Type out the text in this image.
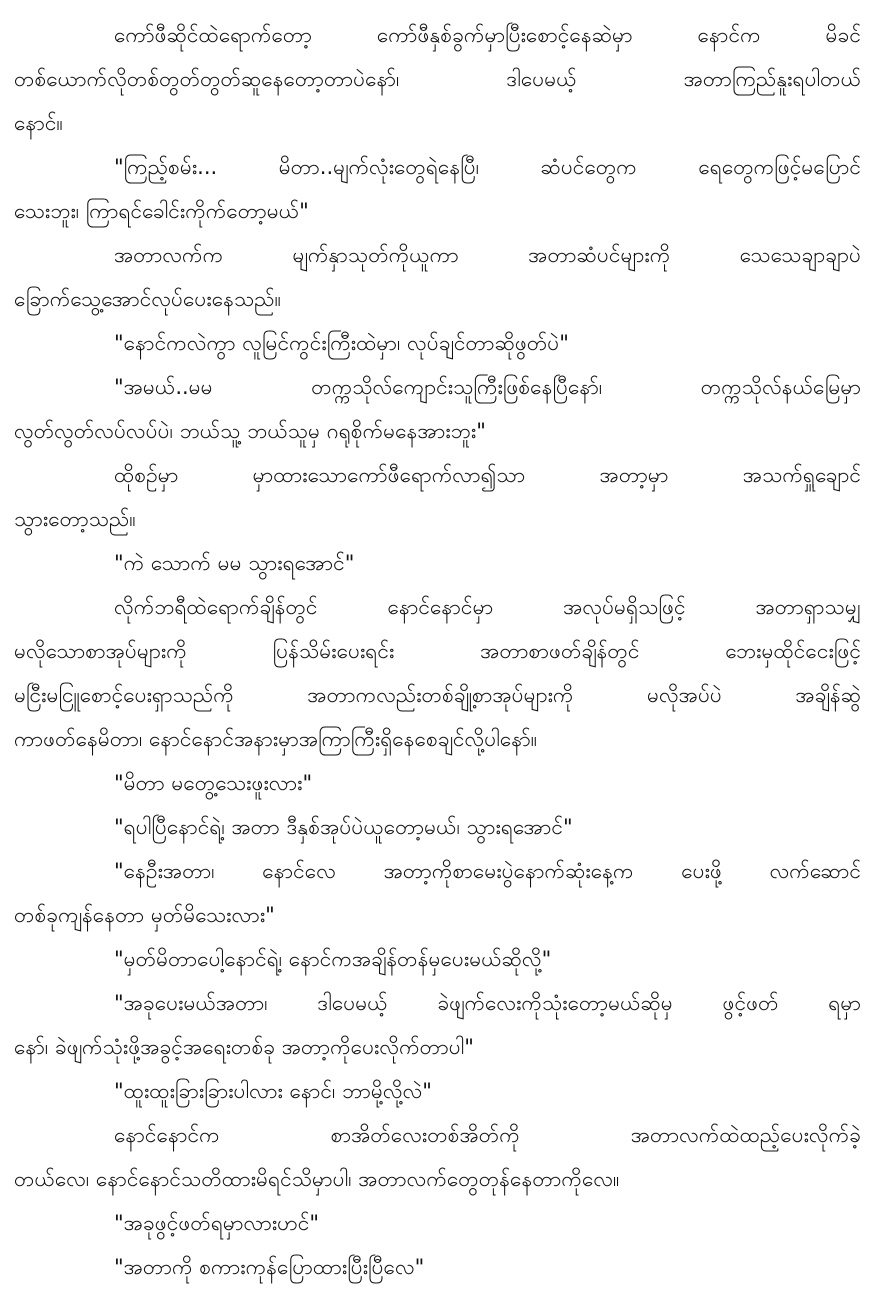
ကော်ဖီဆိုင်ထဲရောက်တော့ ကော်ဖီနှစ်ခွက်မှာပြီးစောင့်နေဆဲမှာ နောင်က မိခင်
တစ်ယောက်လိုတစ်တွတ်တွတ်ဆူနေတော့တာပဲနော်၊ ဒါပေမယ့် အတာကြည်နူးရပါတယ်
နောင်။
"ကြည့်စမ်း... မိတာ..မျက်လုံးတွေရဲနေပြီ၊ ဆံပင်တွေက ရေတွေကဖြင့်မပြောင်
သေးဘူး၊ ကြာရင်ခေါင်းကိုက်တော့မယ်"
အတာလက်က မျက်နှာသုတ်ကိုယူကာ အတာဆံပင်များကို သေသေချာချာပဲ
ခြောက်သွေ့အောင်လုပ်ပေးနေသည်။
"နောင်ကလဲကွာ လူမြင်ကွင်းကြီးထဲမှာ၊ လုပ်ချင်တာဆိုဖွတ်ပဲ"
"အမယ်..မမ တက္ကသိုလ်ကျောင်းသူကြီးဖြစ်နေပြီနော်၊ တက္ကသိုလ်နယ်မြေမှာ
လွတ်လွတ်လပ်လပ်ပဲ၊ ဘယ်သူ့ ဘယ်သူမှ ဂရုစိုက်မနေအားဘူး"
ထိုစဉ်မှာ မှာထားသောကော်ဖီရောက်လာ၍သာ အတာ့မှာ အသက်ရှူချောင်
သွားတော့သည်။
"ကဲ သောက် မမ သွားရအောင်"
လိုက်ဘရီထဲရောက်ချိန်တွင် နောင်နောင်မှာ အလုပ်မရှိသဖြင့် အတာရှာသမျှ
မလိုသောစာအုပ်များကို ပြန်သိမ်းပေးရင်း အတာစာဖတ်ချိန်တွင် ဘေးမှထိုင်ငေးဖြင့်
မငြီးမငြူစောင့်ပေးရှာသည်ကို အတာကလည်းတစ်ချို့စာအုပ်များကို မလိုအပ်ပဲ အချိန်ဆွဲ
ကာဖတ်နေမိတာ၊ နောင်နောင်အနားမှာအကြာကြီးရှိနေစေချင်လို့ပါနော်။
"မိတာ မတွေ့သေးဖူးလား"
"ရပါပြီနောင်ရဲ့၊ အတာ ဒီနှစ်အုပ်ပဲယူတော့မယ်၊ သွားရအောင်"
"နေဦးအတာ၊ နောင်လေ အတာ့ကိုစာမေးပွဲနောက်ဆုံးနေ့က ပေးဖို့ လက်ဆောင်
တစ်ခုကျန်နေတာ မှတ်မိသေးလား"
"မှတ်မိတာပေါ့နောင်ရဲ့၊ နောင်ကအချိန်တန်မှပေးမယ်ဆိုလို့"
"အခုပေးမယ်အတာ၊ ဒါပေမယ့် ခဲဖျက်လေးကိုသုံးတော့မယ်ဆိုမှ ဖွင့်ဖတ် ရမှာ
နော်၊ ခဲဖျက်သုံးဖို့အခွင့်အရေးတစ်ခု အတာ့ကိုပေးလိုက်တာပါ"
"ထူးထူးခြားခြားပါလား နောင်၊ ဘာမို့လို့လဲ"
နောင်နောင်က စာအိတ်လေးတစ်အိတ်ကို အတာလက်ထဲထည့်ပေးလိုက်ခဲ့
တယ်လေ၊ နောင်နောင်သတိထားမိရင်သိမှာပါ၊ အတာလက်တွေတုန်နေတာကိုလေ။
"အခုဖွင့်ဖတ်ရမှာလားဟင်"
"အတာကို စကားကုန်ပြောထားပြီးပြီလေ"
